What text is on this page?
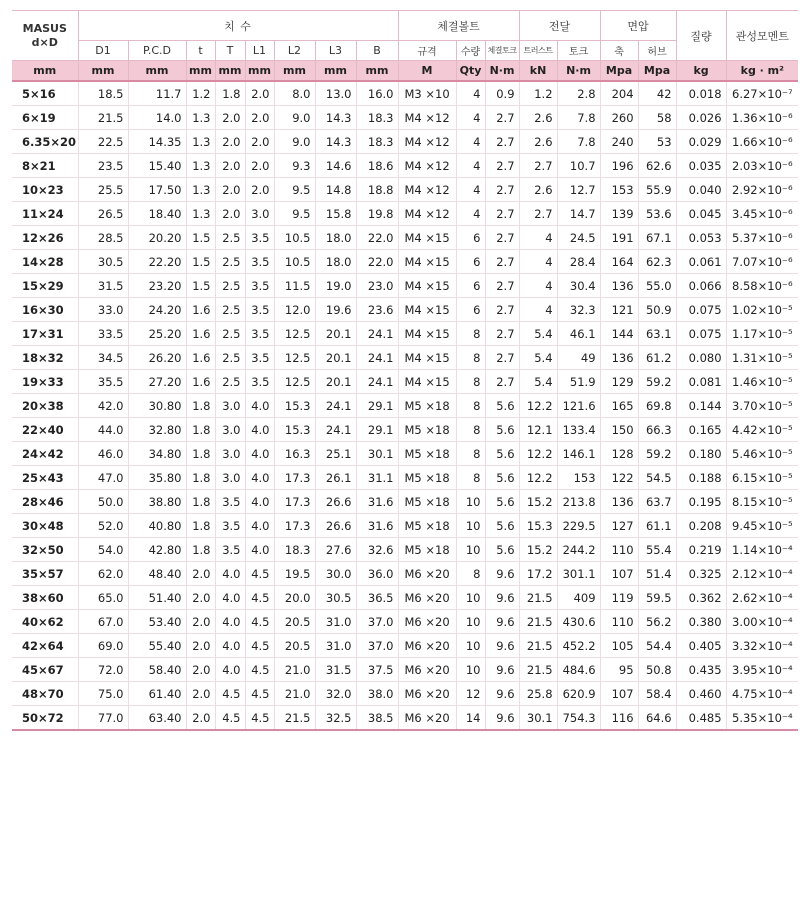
MASUS
d×D	치 수								체결볼트			전달		면압		질량	관성모멘트
	D1	P.C.D	t	T	L1	L2	L3	B	규격	수량	체결토크	트러스트	토크	축	허브		
mm	mm	mm	mm	mm	mm	mm	mm	mm	M	Qty	N·m	kN	N·m	Mpa	Mpa	kg	kg · m²
5×16	18.5	11.7	1.2	1.8	2.0	8.0	13.0	16.0	M3 ×10	4	0.9	1.2	2.8	204	42	0.018	6.27×10⁻⁷
6×19	21.5	14.0	1.3	2.0	2.0	9.0	14.3	18.3	M4 ×12	4	2.7	2.6	7.8	260	58	0.026	1.36×10⁻⁶
6.35×20	22.5	14.35	1.3	2.0	2.0	9.0	14.3	18.3	M4 ×12	4	2.7	2.6	7.8	240	53	0.029	1.66×10⁻⁶
8×21	23.5	15.40	1.3	2.0	2.0	9.3	14.6	18.6	M4 ×12	4	2.7	2.7	10.7	196	62.6	0.035	2.03×10⁻⁶
10×23	25.5	17.50	1.3	2.0	2.0	9.5	14.8	18.8	M4 ×12	4	2.7	2.6	12.7	153	55.9	0.040	2.92×10⁻⁶
11×24	26.5	18.40	1.3	2.0	3.0	9.5	15.8	19.8	M4 ×12	4	2.7	2.7	14.7	139	53.6	0.045	3.45×10⁻⁶
12×26	28.5	20.20	1.5	2.5	3.5	10.5	18.0	22.0	M4 ×15	6	2.7	4	24.5	191	67.1	0.053	5.37×10⁻⁶
14×28	30.5	22.20	1.5	2.5	3.5	10.5	18.0	22.0	M4 ×15	6	2.7	4	28.4	164	62.3	0.061	7.07×10⁻⁶
15×29	31.5	23.20	1.5	2.5	3.5	11.5	19.0	23.0	M4 ×15	6	2.7	4	30.4	136	55.0	0.066	8.58×10⁻⁶
16×30	33.0	24.20	1.6	2.5	3.5	12.0	19.6	23.6	M4 ×15	6	2.7	4	32.3	121	50.9	0.075	1.02×10⁻⁵
17×31	33.5	25.20	1.6	2.5	3.5	12.5	20.1	24.1	M4 ×15	8	2.7	5.4	46.1	144	63.1	0.075	1.17×10⁻⁵
18×32	34.5	26.20	1.6	2.5	3.5	12.5	20.1	24.1	M4 ×15	8	2.7	5.4	49	136	61.2	0.080	1.31×10⁻⁵
19×33	35.5	27.20	1.6	2.5	3.5	12.5	20.1	24.1	M4 ×15	8	2.7	5.4	51.9	129	59.2	0.081	1.46×10⁻⁵
20×38	42.0	30.80	1.8	3.0	4.0	15.3	24.1	29.1	M5 ×18	8	5.6	12.2	121.6	165	69.8	0.144	3.70×10⁻⁵
22×40	44.0	32.80	1.8	3.0	4.0	15.3	24.1	29.1	M5 ×18	8	5.6	12.1	133.4	150	66.3	0.165	4.42×10⁻⁵
24×42	46.0	34.80	1.8	3.0	4.0	16.3	25.1	30.1	M5 ×18	8	5.6	12.2	146.1	128	59.2	0.180	5.46×10⁻⁵
25×43	47.0	35.80	1.8	3.0	4.0	17.3	26.1	31.1	M5 ×18	8	5.6	12.2	153	122	54.5	0.188	6.15×10⁻⁵
28×46	50.0	38.80	1.8	3.5	4.0	17.3	26.6	31.6	M5 ×18	10	5.6	15.2	213.8	136	63.7	0.195	8.15×10⁻⁵
30×48	52.0	40.80	1.8	3.5	4.0	17.3	26.6	31.6	M5 ×18	10	5.6	15.3	229.5	127	61.1	0.208	9.45×10⁻⁵
32×50	54.0	42.80	1.8	3.5	4.0	18.3	27.6	32.6	M5 ×18	10	5.6	15.2	244.2	110	55.4	0.219	1.14×10⁻⁴
35×57	62.0	48.40	2.0	4.0	4.5	19.5	30.0	36.0	M6 ×20	8	9.6	17.2	301.1	107	51.4	0.325	2.12×10⁻⁴
38×60	65.0	51.40	2.0	4.0	4.5	20.0	30.5	36.5	M6 ×20	10	9.6	21.5	409	119	59.5	0.362	2.62×10⁻⁴
40×62	67.0	53.40	2.0	4.0	4.5	20.5	31.0	37.0	M6 ×20	10	9.6	21.5	430.6	110	56.2	0.380	3.00×10⁻⁴
42×64	69.0	55.40	2.0	4.0	4.5	20.5	31.0	37.0	M6 ×20	10	9.6	21.5	452.2	105	54.4	0.405	3.32×10⁻⁴
45×67	72.0	58.40	2.0	4.0	4.5	21.0	31.5	37.5	M6 ×20	10	9.6	21.5	484.6	95	50.8	0.435	3.95×10⁻⁴
48×70	75.0	61.40	2.0	4.5	4.5	21.0	32.0	38.0	M6 ×20	12	9.6	25.8	620.9	107	58.4	0.460	4.75×10⁻⁴
50×72	77.0	63.40	2.0	4.5	4.5	21.5	32.5	38.5	M6 ×20	14	9.6	30.1	754.3	116	64.6	0.485	5.35×10⁻⁴
